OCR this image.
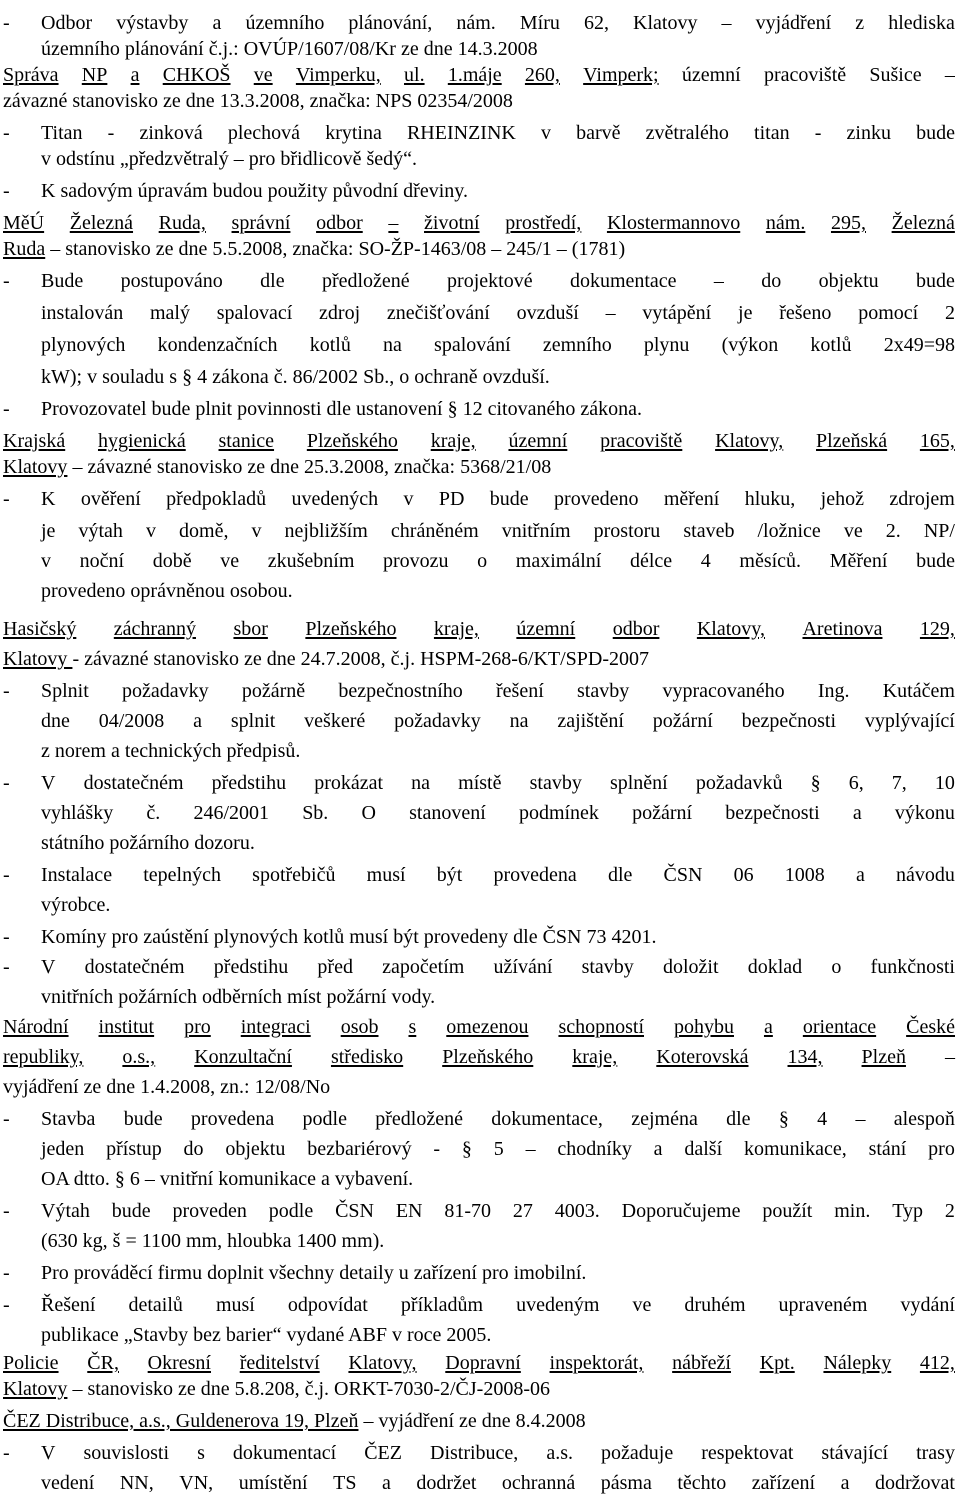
- Odbor výstavby a územního plánování, nám. Míru 62, Klatovy – vyjádření z hlediska
územního plánování č.j.: OVÚP/1607/08/Kr ze dne 14.3.2008
Správa NP a CHKOŠ ve Vimperku, ul. 1.máje 260, Vimperk; územní pracoviště Sušice –
závazné stanovisko ze dne 13.3.2008, značka: NPS 02354/2008
- Titan - zinková plechová krytina RHEINZINK v barvě zvětralého titan - zinku bude
v odstínu „předzvětralý – pro břidlicově šedý“.
- K sadovým úpravám budou použity původní dřeviny.
MěÚ Železná Ruda, správní odbor – životní prostředí, Klostermannovo nám. 295, Železná
Ruda – stanovisko ze dne 5.5.2008, značka: SO-ŽP-1463/08 – 245/1 – (1781)
- Bude postupováno dle předložené projektové dokumentace – do objektu bude
instalován malý spalovací zdroj znečišťování ovzduší – vytápění je řešeno pomocí 2
plynových kondenzačních kotlů na spalování zemního plynu (výkon kotlů 2x49=98
kW); v souladu s § 4 zákona č. 86/2002 Sb., o ochraně ovzduší.
- Provozovatel bude plnit povinnosti dle ustanovení § 12 citovaného zákona.
Krajská hygienická stanice Plzeňského kraje, územní pracoviště Klatovy, Plzeňská 165,
Klatovy – závazné stanovisko ze dne 25.3.2008, značka: 5368/21/08
- K ověření předpokladů uvedených v PD bude provedeno měření hluku, jehož zdrojem
je výtah v domě, v nejbližším chráněném vnitřním prostoru staveb /ložnice ve 2. NP/
v noční době ve zkušebním provozu o maximální délce 4 měsíců. Měření bude
provedeno oprávněnou osobou.
Hasičský záchranný sbor Plzeňského kraje, územní odbor Klatovy, Aretinova 129,
Klatovy - závazné stanovisko ze dne 24.7.2008, č.j. HSPM-268-6/KT/SPD-2007
- Splnit požadavky požárně bezpečnostního řešení stavby vypracovaného Ing. Kutáčem
dne 04/2008 a splnit veškeré požadavky na zajištění požární bezpečnosti vyplývající
z norem a technických předpisů.
- V dostatečném předstihu prokázat na místě stavby splnění požadavků § 6, 7, 10
vyhlášky č. 246/2001 Sb. O stanovení podmínek požární bezpečnosti a výkonu
státního požárního dozoru.
- Instalace tepelných spotřebičů musí být provedena dle ČSN 06 1008 a návodu
výrobce.
- Komíny pro zaústění plynových kotlů musí být provedeny dle ČSN 73 4201.
- V dostatečném předstihu před započetím užívání stavby doložit doklad o funkčnosti
vnitřních požárních odběrních míst požární vody.
Národní institut pro integraci osob s omezenou schopností pohybu a orientace České
republiky, o.s., Konzultační středisko Plzeňského kraje, Koterovská 134, Plzeň –
vyjádření ze dne 1.4.2008, zn.: 12/08/No
- Stavba bude provedena podle předložené dokumentace, zejména dle § 4 – alespoň
jeden přístup do objektu bezbariérový - § 5 – chodníky a další komunikace, stání pro
OA dtto. § 6 – vnitřní komunikace a vybavení.
- Výtah bude proveden podle ČSN EN 81-70 27 4003. Doporučujeme použít min. Typ 2
(630 kg, š = 1100 mm, hloubka 1400 mm).
- Pro prováděcí firmu doplnit všechny detaily u zařízení pro imobilní.
- Řešení detailů musí odpovídat příkladům uvedeným ve druhém upraveném vydání
publikace „Stavby bez barier“ vydané ABF v roce 2005.
Policie ČR, Okresní ředitelství Klatovy, Dopravní inspektorát, nábřeží Kpt. Nálepky 412,
Klatovy – stanovisko ze dne 5.8.208, č.j. ORKT-7030-2/ČJ-2008-06
ČEZ Distribuce, a.s., Guldenerova 19, Plzeň – vyjádření ze dne 8.4.2008
- V souvislosti s dokumentací ČEZ Distribuce, a.s. požaduje respektovat stávající trasy
vedení NN, VN, umístění TS a dodržet ochranná pásma těchto zařízení a dodržovat
